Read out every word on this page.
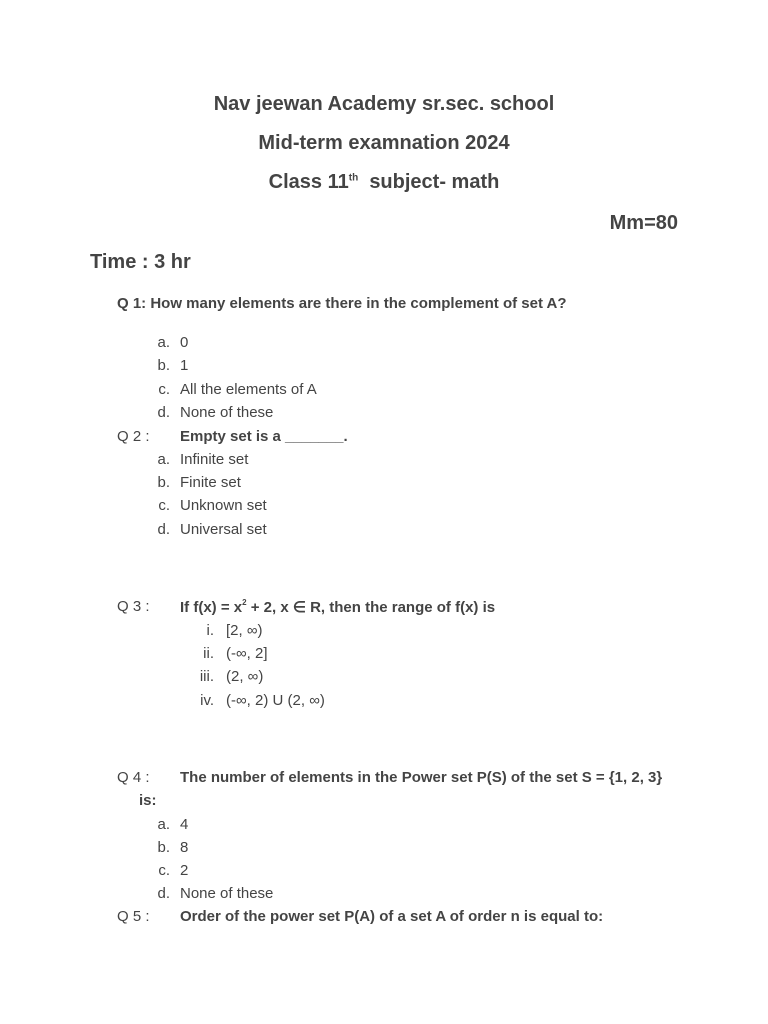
Nav jeewan Academy sr.sec. school
Mid-term examnation 2024
Class 11th subject- math
Mm=80
Time : 3 hr
Q 1: How many elements are there in the complement of set A?
a. 0
b. 1
c. All the elements of A
d. None of these
Q 2 : Empty set is a _______.
a. Infinite set
b. Finite set
c. Unknown set
d. Universal set
Q 3 : If $f(x) = x^2 + 2$, x ∈ R, then the range of f(x) is
i. [2, ∞)
ii. (-∞, 2]
iii. (2, ∞)
iv. (-∞, 2) U (2, ∞)
Q 4 : The number of elements in the Power set P(S) of the set S = {1, 2, 3}
is:
a. 4
b. 8
c. 2
d. None of these
Q 5 : Order of the power set P(A) of a set A of order n is equal to:
